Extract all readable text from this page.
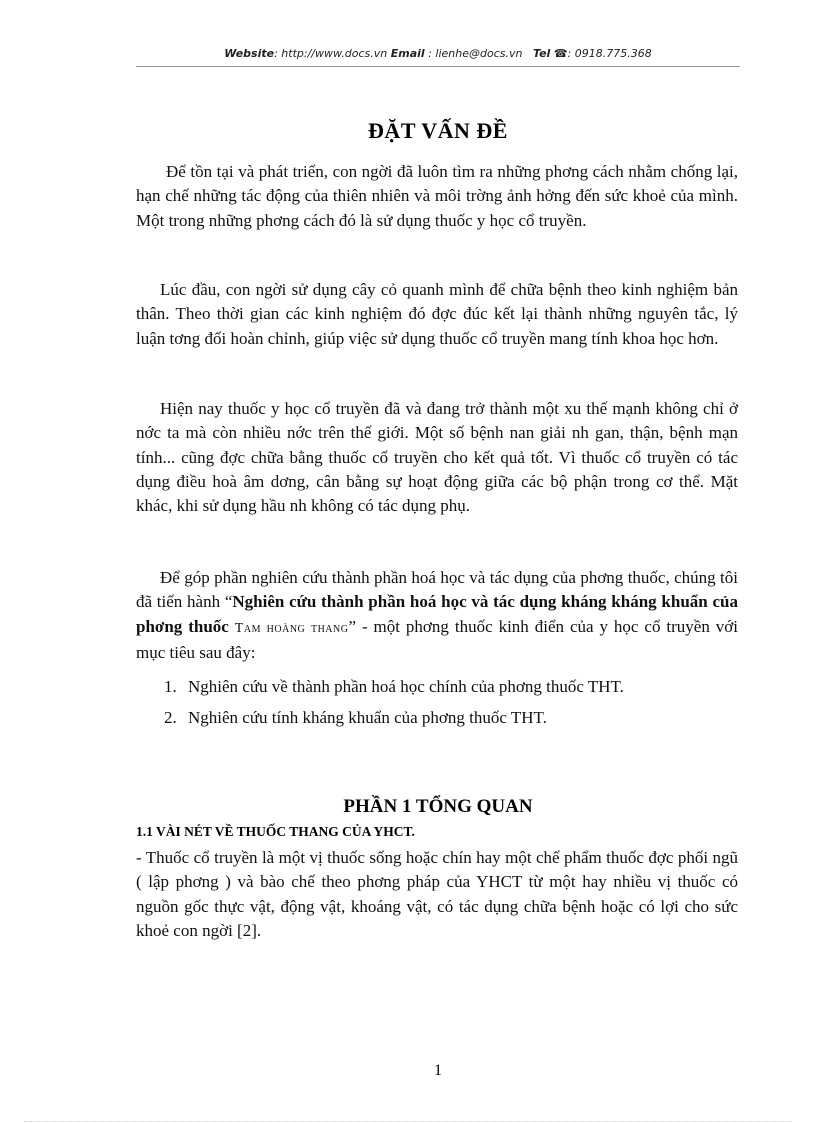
Website: http://www.docs.vn Email : lienhe@docs.vn Tel ☎: 0918.775.368
ĐẶT VẤN ĐỀ

Để tồn tại và phát triển, con ngời đã luôn tìm ra những phơng cách nhằm chống lại, hạn chế những tác động của thiên nhiên và môi trờng ảnh hởng đến sức khoẻ của mình. Một trong những phơng cách đó là sử dụng thuốc y học cổ truyền.

Lúc đầu, con ngời sử dụng cây cỏ quanh mình để chữa bệnh theo kinh nghiệm bản thân. Theo thời gian các kinh nghiệm đó đợc đúc kết lại thành những nguyên tắc, lý luận tơng đối hoàn chỉnh, giúp việc sử dụng thuốc cổ truyền mang tính khoa học hơn.

Hiện nay thuốc y học cổ truyền đã và đang trở thành một xu thế mạnh không chỉ ở nớc ta mà còn nhiều nớc trên thế giới. Một số bệnh nan giải nh gan, thận, bệnh mạn tính... cũng đợc chữa bằng thuốc cổ truyền cho kết quả tốt. Vì thuốc cổ truyền có tác dụng điều hoà âm dơng, cân bằng sự hoạt động giữa các bộ phận trong cơ thể. Mặt khác, khi sử dụng hầu nh không có tác dụng phụ.

Để góp phần nghiên cứu thành phần hoá học và tác dụng của phơng thuốc, chúng tôi đã tiến hành “Nghiên cứu thành phần hoá học và tác dụng kháng kháng khuẩn của phơng thuốc Tam hoàng thang” - một phơng thuốc kinh điển của y học cổ truyền với mục tiêu sau đây:

1. Nghiên cứu về thành phần hoá học chính của phơng thuốc THT.

2. Nghiên cứu tính kháng khuẩn của phơng thuốc THT.

PHẦN 1 TỔNG QUAN
1.1 VÀI NÉT VỀ THUỐC THANG CỦA YHCT.

- Thuốc cổ truyền là một vị thuốc sống hoặc chín hay một chế phẩm thuốc đợc phối ngũ ( lập phơng ) và bào chế theo phơng pháp của YHCT từ một hay nhiều vị thuốc có nguồn gốc thực vật, động vật, khoáng vật, có tác dụng chữa bệnh hoặc có lợi cho sức khoẻ con ngời [2].

1
